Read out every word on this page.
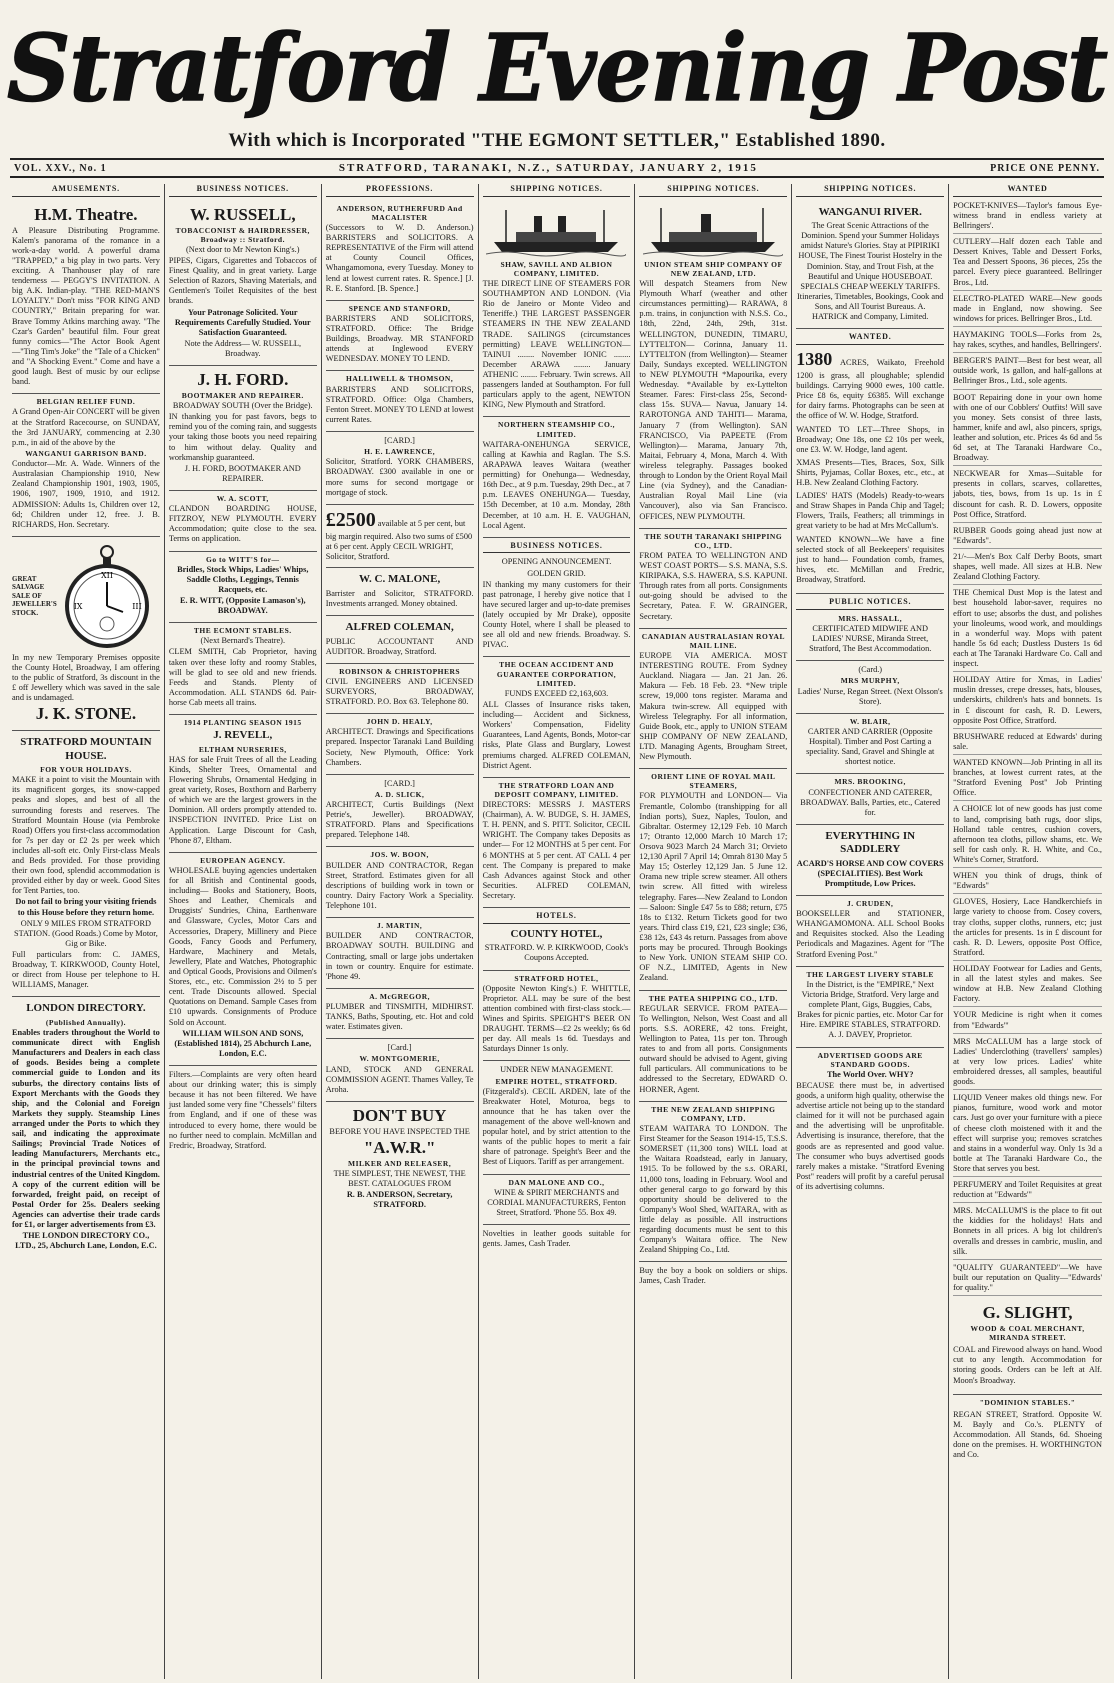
Stratford Evening Post
With which is Incorporated "THE EGMONT SETTLER," Established 1890.
VOL. XXV., No. 1	STRATFORD, TARANAKI, N.Z., SATURDAY, JANUARY 2, 1915	PRICE ONE PENNY.
AMUSEMENTS.
H.M. Theatre.

A Pleasure Distributing Programme. Kalem's panorama of the romance in a work-a-day world. A powerful drama "TRAPPED," a big play in two parts. Very exciting. A Thanhouser play of rare tenderness — PEGGY'S INVITATION. A big A.K. Indian-play. "THE RED-MAN'S LOYALTY." Don't miss "FOR KING AND COUNTRY," Britain preparing for war. Brave Tommy Atkins marching away. "The Czar's Garden" beautiful film. Four great funny comics—"The Actor Book Agent—"Ting Tim's Joke" the "Tale of a Chicken" and "A Shocking Event." Come and have a good laugh. Best of music by our eclipse band.

BELGIAN RELIEF FUND.

A Grand Open-Air CONCERT will be given at the Stratford Racecourse, on SUNDAY, the 3rd JANUARY, commencing at 2.30 p.m., in aid of the above by the

WANGANUI GARRISON BAND.

Conductor—Mr. A. Wade. Winners of the Australasian Championship 1910, New Zealand Championship 1901, 1903, 1905, 1906, 1907, 1909, 1910, and 1912. ADMISSION: Adults 1s, Children over 12, 6d; Children under 12, free. J. B. RICHARDS, Hon. Secretary.

GREAT
SALVAGE
SALE OF
JEWELLER'S
STOCK.
XII
III
IX

In my new Temporary Premises opposite the County Hotel, Broadway, I am offering to the public of Stratford, 3s discount in the £ off Jewellery which was saved in the sale and is undamaged.

J. K. STONE.
STRATFORD MOUNTAIN HOUSE.
FOR YOUR HOLIDAYS.

MAKE it a point to visit the Mountain with its magnificent gorges, its snow-capped peaks and slopes, and best of all the surrounding forests and reserves. The Stratford Mountain House (via Pembroke Road) Offers you first-class accommodation for 7s per day or £2 2s per week which includes all-soft etc. Only First-class Meals and Beds provided. For those providing their own food, splendid accommodation is provided either by day or week. Good Sites for Tent Parties, too.

Do not fail to bring your visiting friends to this House before they return home.

ONLY 9 MILES FROM STRATFORD STATION. (Good Roads.) Come by Motor, Gig or Bike.

Full particulars from: C. JAMES, Broadway, T. KIRKWOOD, County Hotel, or direct from House per telephone to H. WILLIAMS, Manager.

LONDON DIRECTORY.
(Published Annually).

Enables traders throughout the World to communicate direct with English Manufacturers and Dealers in each class of goods. Besides being a complete commercial guide to London and its suburbs, the directory contains lists of Export Merchants with the Goods they ship, and the Colonial and Foreign Markets they supply. Steamship Lines arranged under the Ports to which they sail, and indicating the approximate Sailings; Provincial Trade Notices of leading Manufacturers, Merchants etc., in the principal provincial towns and industrial centres of the United Kingdom. A copy of the current edition will be forwarded, freight paid, on receipt of Postal Order for 25s. Dealers seeking Agencies can advertise their trade cards for £1, or larger advertisements from £3.

THE LONDON DIRECTORY CO., LTD., 25, Abchurch Lane, London, E.C.

BUSINESS NOTICES.
W. RUSSELL,
TOBACCONIST & HAIRDRESSER,
Broadway :: Stratford.

(Next door to Mr Newton King's.)

PIPES, Cigars, Cigarettes and Tobaccos of Finest Quality, and in great variety. Large Selection of Razors, Shaving Materials, and Gentlemen's Toilet Requisites of the best brands.

Your Patronage Solicited. Your Requirements Carefully Studied. Your Satisfaction Guaranteed.

Note the Address— W. RUSSELL, Broadway.

J. H. FORD.
BOOTMAKER AND REPAIRER.

BROADWAY SOUTH (Over the Bridge).

IN thanking you for past favors, begs to remind you of the coming rain, and suggests your taking those boots you need repairing to him without delay. Quality and workmanship guaranteed.

J. H. FORD, BOOTMAKER AND REPAIRER.

W. A. SCOTT,

CLANDON BOARDING HOUSE, FITZROY, NEW PLYMOUTH. EVERY Accommodation; quite close to the sea. Terms on application.

Go to WITT'S for—

Bridles, Stock Whips, Ladies' Whips, Saddle Cloths, Leggings, Tennis Racquets, etc.

E. R. WITT, (Opposite Lamason's), BROADWAY.

THE ECMONT STABLES.

(Next Bernard's Theatre).

CLEM SMITH, Cab Proprietor, having taken over these lofty and roomy Stables, will be glad to see old and new friends. Feeds and Stands. Plenty of Accommodation. ALL STANDS 6d. Pair-horse Cab meets all trains.

1914 PLANTING SEASON 1915
J. REVELL,
ELTHAM NURSERIES,

HAS for sale Fruit Trees of all the Leading Kinds, Shelter Trees, Ornamental and Flowering Shrubs, Ornamental Hedging in great variety, Roses, Boxthorn and Barberry of which we are the largest growers in the Dominion. All orders promptly attended to. INSPECTION INVITED. Price List on Application. Large Discount for Cash, 'Phone 87, Eltham.

EUROPEAN AGENCY.

WHOLESALE buying agencies undertaken for all British and Continental goods, including— Books and Stationery, Boots, Shoes and Leather, Chemicals and Druggists' Sundries, China, Earthenware and Glassware, Cycles, Motor Cars and Accessories, Drapery, Millinery and Piece Goods, Fancy Goods and Perfumery, Hardware, Machinery and Metals, Jewellery, Plate and Watches, Photographic and Optical Goods, Provisions and Oilmen's Stores, etc., etc. Commission 2½ to 5 per cent. Trade Discounts allowed. Special Quotations on Demand. Sample Cases from £10 upwards. Consignments of Produce Sold on Account.

WILLIAM WILSON AND SONS, (Established 1814), 25 Abchurch Lane, London, E.C.

Filters.—Complaints are very often heard about our drinking water; this is simply because it has not been filtered. We have just landed some very fine "Chessels" filters from England, and if one of these was introduced to every home, there would be no further need to complain. McMillan and Fredric, Broadway, Stratford.

PROFESSIONS.
ANDERSON, RUTHERFURD And MACALISTER

(Successors to W. D. Anderson.) BARRISTERS and SOLICITORS. A REPRESENTATIVE of the Firm will attend at County Council Offices, Whangamomona, every Tuesday. Money to lend at lowest current rates. R. Spence.] [J. R. E. Stanford. [B. Spence.]

SPENCE AND STANFORD,

BARRISTERS AND SOLICITORS, STRATFORD. Office: The Bridge Buildings, Broadway. MR STANFORD attends at Inglewood EVERY WEDNESDAY. MONEY TO LEND.

HALLIWELL & THOMSON,

BARRISTERS AND SOLICITORS, STRATFORD. Office: Olga Chambers, Fenton Street. MONEY TO LEND at lowest current Rates.

[CARD.]

H. E. LAWRENCE,

Solicitor, Stratford. YORK CHAMBERS, BROADWAY. £300 available in one or more sums for second mortgage or mortgage of stock.

£2500 available at 5 per cent, but big margin required. Also two sums of £500 at 6 per cent. Apply CECIL WRIGHT, Solicitor, Stratford.
W. C. MALONE,

Barrister and Solicitor, STRATFORD. Investments arranged. Money obtained.

ALFRED COLEMAN,

PUBLIC ACCOUNTANT AND AUDITOR. Broadway, Stratford.

ROBINSON & CHRISTOPHERS

CIVIL ENGINEERS AND LICENSED SURVEYORS, BROADWAY, STRATFORD. P.O. Box 63. Telephone 80.

JOHN D. HEALY,

ARCHITECT. Drawings and Specifications prepared. Inspector Taranaki Land Building Society, New Plymouth, Office: York Chambers.

[CARD.]

A. D. SLICK,

ARCHITECT, Curtis Buildings (Next Petrie's, Jeweller). BROADWAY, STRATFORD. Plans and Specifications prepared. Telephone 148.

JOS. W. BOON,

BUILDER AND CONTRACTOR, Regan Street, Stratford. Estimates given for all descriptions of building work in town or country. Dairy Factory Work a Speciality. Telephone 101.

J. MARTIN,

BUILDER AND CONTRACTOR, BROADWAY SOUTH. BUILDING and Contracting, small or large jobs undertaken in town or country. Enquire for estimate. 'Phone 49.

A. McGREGOR,

PLUMBER and TINSMITH, MIDHIRST. TANKS, Baths, Spouting, etc. Hot and cold water. Estimates given.

[Card.]

W. MONTGOMERIE,

LAND, STOCK AND GENERAL COMMISSION AGENT. Thames Valley, Te Aroha.

DON'T BUY

BEFORE YOU HAVE INSPECTED THE

"A.W.R."
MILKER AND RELEASER,

THE SIMPLEST, THE NEWEST, THE BEST. CATALOGUES FROM

R. B. ANDERSON, Secretary, STRATFORD.

SHIPPING NOTICES.
SHAW, SAVILL AND ALBION COMPANY, LIMITED.

THE DIRECT LINE OF STEAMERS FOR SOUTHAMPTON AND LONDON. (Via Rio de Janeiro or Monte Video and Teneriffe.) THE LARGEST PASSENGER STEAMERS IN THE NEW ZEALAND TRADE. SAILINGS (circumstances permitting) LEAVE WELLINGTON— TAINUI ........ November IONIC ........ December ARAWA ........ January ATHENIC ........ February. Twin screws. All passengers landed at Southampton. For full particulars apply to the agent, NEWTON KING, New Plymouth and Stratford.

NORTHERN STEAMSHIP CO., LIMITED.

WAITARA-ONEHUNGA SERVICE, calling at Kawhia and Raglan. The S.S. ARAPAWA leaves Waitara (weather permitting) for Onehunga— Wednesday, 16th Dec., at 9 p.m. Tuesday, 29th Dec., at 7 p.m. LEAVES ONEHUNGA— Tuesday, 15th December, at 10 a.m. Monday, 28th December, at 10 a.m. H. E. VAUGHAN, Local Agent.

BUSINESS NOTICES.

OPENING ANNOUNCEMENT.

GOLDEN GRID.

IN thanking my many customers for their past patronage, I hereby give notice that I have secured larger and up-to-date premises (lately occupied by Mr Drake), opposite County Hotel, where I shall be pleased to see all old and new friends. Broadway. S. PIVAC.

THE OCEAN ACCIDENT AND GUARANTEE CORPORATION, LIMITED.

FUNDS EXCEED £2,163,603.

ALL Classes of Insurance risks taken, including— Accident and Sickness, Workers' Compensation, Fidelity Guarantees, Land Agents, Bonds, Motor-car risks, Plate Glass and Burglary, Lowest premiums charged. ALFRED COLEMAN, District Agent.

THE STRATFORD LOAN AND DEPOSIT COMPANY, LIMITED.

DIRECTORS: MESSRS J. MASTERS (Chairman), A. W. BUDGE, S. H. JAMES, T. H. PENN, and S. PITT. Solicitor, CECIL WRIGHT. The Company takes Deposits as under— For 12 MONTHS at 5 per cent. For 6 MONTHS at 5 per cent. AT CALL 4 per cent. The Company is prepared to make Cash Advances against Stock and other Securities. ALFRED COLEMAN, Secretary.

HOTELS.
COUNTY HOTEL,

STRATFORD. W. P. KIRKWOOD, Cook's Coupons Accepted.

STRATFORD HOTEL,

(Opposite Newton King's.) F. WHITTLE, Proprietor. ALL may be sure of the best attention combined with first-class stock.—Wines and Spirits. SPEIGHT'S BEER ON DRAUGHT. TERMS—£2 2s weekly; 6s 6d per day. All meals 1s 6d. Tuesdays and Saturdays Dinner 1s only.

UNDER NEW MANAGEMENT.

EMPIRE HOTEL, STRATFORD.

(Fitzgerald's). CECIL ARDEN, late of the Breakwater Hotel, Moturoa, begs to announce that he has taken over the management of the above well-known and popular hotel, and by strict attention to the wants of the public hopes to merit a fair share of patronage. Speight's Beer and the Best of Liquors. Tariff as per arrangement.

DAN MALONE AND CO.,

WINE & SPIRIT MERCHANTS and CORDIAL MANUFACTURERS, Fenton Street, Stratford. 'Phone 55. Box 49.

Novelties in leather goods suitable for gents. James, Cash Trader.

SHIPPING NOTICES.
UNION STEAM SHIP COMPANY OF NEW ZEALAND, LTD.

Will despatch Steamers from New Plymouth Wharf (weather and other circumstances permitting)— RARAWA, 8 p.m. trains, in conjunction with N.S.S. Co., 18th, 22nd, 24th, 29th, 31st. WELLINGTON, DUNEDIN, TIMARU, LYTTELTON— Corinna, January 11. LYTTELTON (from Wellington)— Steamer Daily, Sundays excepted. WELLINGTON to NEW PLYMOUTH *Mapourika, every Wednesday. *Available by ex-Lyttelton Steamer. Fares: First-class 25s, Second-class 15s. SUVA— Navua, January 14. RAROTONGA AND TAHITI— Marama, January 7 (from Wellington). SAN FRANCISCO, Via PAPEETE (From Wellington)— Marama, January 7th, Maitai, February 4, Mona, March 4. With wireless telegraphy. Passages booked through to London by the Orient Royal Mail Line (via Sydney), and the Canadian-Australian Royal Mail Line (via Vancouver), also via San Francisco. OFFICES, NEW PLYMOUTH.

THE SOUTH TARANAKI SHIPPING CO., LTD.

FROM PATEA TO WELLINGTON AND WEST COAST PORTS— S.S. MANA, S.S. KIRIPAKA, S.S. HAWERA, S.S. KAPUNI. Through rates from all ports. Consignments out-going should be advised to the Secretary, Patea. F. W. GRAINGER, Secretary.

CANADIAN AUSTRALASIAN ROYAL MAIL LINE.

EUROPE VIA AMERICA. MOST INTERESTING ROUTE. From Sydney Auckland. Niagara — Jan. 21 Jan. 26. Makura — Feb. 18 Feb. 23. *New triple screw, 19,000 tons register. Marama and Makura twin-screw. All equipped with Wireless Telegraphy. For all information, Guide Book, etc., apply to UNION STEAM SHIP COMPANY OF NEW ZEALAND, LTD. Managing Agents, Brougham Street, New Plymouth.

ORIENT LINE OF ROYAL MAIL STEAMERS,

FOR PLYMOUTH and LONDON— Via Fremantle, Colombo (transhipping for all Indian ports), Suez, Naples, Toulon, and Gibraltar. Ostermey 12,129 Feb. 10 March 17; Otranto 12,000 March 10 March 17; Orsova 9023 March 24 March 31; Orvieto 12,130 April 7 April 14; Omrah 8130 May 5 May 15; Osterley 12,129 Jan. 5 June 12. Orama new triple screw steamer. All others twin screw. All fitted with wireless telegraphy. Fares—New Zealand to London— Saloon: Single £47 5s to £88; return, £75 18s to £132. Return Tickets good for two years. Third class £19, £21, £23 single; £36, £38 12s, £43 4s return. Passages from above ports may be procured. Through Bookings to New York. UNION STEAM SHIP CO. OF N.Z., LIMITED, Agents in New Zealand.

THE PATEA SHIPPING CO., LTD.

REGULAR SERVICE. FROM PATEA— To Wellington, Nelson, West Coast and all ports. S.S. AORERE, 42 tons. Freight, Wellington to Patea, 11s per ton. Through rates to and from all ports. Consignments outward should be advised to Agent, giving full particulars. All communications to be addressed to the Secretary, EDWARD O. HORNER, Agent.

THE NEW ZEALAND SHIPPING COMPANY, LTD.

STEAM WAITARA TO LONDON. The First Steamer for the Season 1914-15, T.S.S. SOMERSET (11,300 tons) WILL load at the Waitara Roadstead, early in January, 1915. To be followed by the s.s. ORARI, 11,000 tons, loading in February. Wool and other general cargo to go forward by this opportunity should be delivered to the Company's Wool Shed, WAITARA, with as little delay as possible. All instructions regarding documents must be sent to this Company's Waitara office. The New Zealand Shipping Co., Ltd.

Buy the boy a book on soldiers or ships. James, Cash Trader.

SHIPPING NOTICES.
WANGANUI RIVER.

The Great Scenic Attractions of the Dominion. Spend your Summer Holidays amidst Nature's Glories. Stay at PIPIRIKI HOUSE, The Finest Tourist Hostelry in the Dominion. Stay, and Trout Fish, at the Beautiful and Unique HOUSEBOAT. SPECIALS CHEAP WEEKLY TARIFFS. Itineraries, Timetables, Bookings, Cook and Sons, and All Tourist Bureaus. A. HATRICK and Company, Limited.

WANTED.

1380 ACRES, Waikato, Freehold 1200 is grass, all ploughable; splendid buildings. Carrying 9000 ewes, 100 cattle. Price £8 6s, equity £6385. Will exchange for dairy farms. Photographs can be seen at the office of W. W. Hodge, Stratford.

WANTED TO LET—Three Shops, in Broadway; One 18s, one £2 10s per week, one £3. W. W. Hodge, land agent.

XMAS Presents—Ties, Braces, Sox, Silk Shirts, Pyjamas, Collar Boxes, etc., etc., at H.B. New Zealand Clothing Factory.

LADIES' HATS (Models) Ready-to-wears and Straw Shapes in Panda Chip and Tagel; Flowers, Trails, Feathers; all trimmings in great variety to be had at Mrs McCallum's.

WANTED KNOWN—We have a fine selected stock of all Beekeepers' requisites just to hand— Foundation comb, frames, hives, etc. McMillan and Fredric, Broadway, Stratford.

PUBLIC NOTICES.
MRS. HASSALL,

CERTIFICATED MIDWIFE AND LADIES' NURSE, Miranda Street, Stratford, The Best Accommodation.

(Card.)

MRS MURPHY,

Ladies' Nurse, Regan Street. (Next Olsson's Store).

W. BLAIR,

CARTER AND CARRIER (Opposite Hospital). Timber and Post Carting a speciality. Sand, Gravel and Shingle at shortest notice.

MRS. BROOKING,

CONFECTIONER AND CATERER, BROADWAY. Balls, Parties, etc., Catered for.

EVERYTHING IN SADDLERY

ACARD'S HORSE AND COW COVERS (SPECIALITIES). Best Work Promptitude, Low Prices.

J. CRUDEN,

BOOKSELLER and STATIONER, WHANGAMOMONA. ALL School Books and Requisites stocked. Also the Leading Periodicals and Magazines. Agent for "The Stratford Evening Post."

THE LARGEST LIVERY STABLE

In the District, is the "EMPIRE," Next Victoria Bridge, Stratford. Very large and complete Plant, Gigs, Buggies, Cabs, Brakes for picnic parties, etc. Motor Car for Hire. EMPIRE STABLES, STRATFORD. A. J. DAVEY, Proprietor.

ADVERTISED GOODS ARE STANDARD GOODS.

The World Over. WHY?

BECAUSE there must be, in advertised goods, a uniform high quality, otherwise the advertise article not being up to the standard claimed for it will not be purchased again and the advertising will be unprofitable. Advertising is insurance, therefore, that the goods are as represented and good value. The consumer who buys advertised goods rarely makes a mistake. "Stratford Evening Post" readers will profit by a careful perusal of its advertising columns.

WANTED

POCKET-KNIVES—Taylor's famous Eye-witness brand in endless variety at Bellringers'.

CUTLERY—Half dozen each Table and Dessert Knives, Table and Dessert Forks, Tea and Dessert Spoons, 36 pieces, 25s the parcel. Every piece guaranteed. Bellringer Bros., Ltd.

ELECTRO-PLATED WARE—New goods made in England, now showing. See windows for prices. Bellringer Bros., Ltd.

HAYMAKING TOOLS—Forks from 2s, hay rakes, scythes, and handles, Bellringers'.

BERGER'S PAINT—Best for best wear, all outside work, 1s gallon, and half-gallons at Bellringer Bros., Ltd., sole agents.

BOOT Repairing done in your own home with one of our Cobblers' Outfits! Will save you money. Sets consist of three lasts, hammer, knife and awl, also pincers, sprigs, leather and solution, etc. Prices 4s 6d and 5s 6d set, at The Taranaki Hardware Co., Broadway.

NECKWEAR for Xmas—Suitable for presents in collars, scarves, collarettes, jabots, ties, bows, from 1s up. 1s in £ discount for cash. R. D. Lowers, opposite Post Office, Stratford.

RUBBER Goods going ahead just now at "Edwards".

21/-—Men's Box Calf Derby Boots, smart shapes, well made. All sizes at H.B. New Zealand Clothing Factory.

THE Chemical Dust Mop is the latest and best household labor-saver, requires no effort to use; absorbs the dust, and polishes your linoleums, wood work, and mouldings in a wonderful way. Mops with patent handle 5s 6d each; Dustless Dusters 1s 6d each at The Taranaki Hardware Co. Call and inspect.

HOLIDAY Attire for Xmas, in Ladies' muslin dresses, crepe dresses, hats, blouses, underskirts, children's hats and bonnets. 1s in £ discount for cash, R. D. Lewers, opposite Post Office, Stratford.

BRUSHWARE reduced at Edwards' during sale.

WANTED KNOWN—Job Printing in all its branches, at lowest current rates, at the "Stratford Evening Post" Job Printing Office.

A CHOICE lot of new goods has just come to land, comprising bath rugs, door slips, Holland table centres, cushion covers, afternoon tea cloths, pillow shams, etc. We sell for cash only. R. H. White, and Co., White's Corner, Stratford.

WHEN you think of drugs, think of "Edwards"

GLOVES, Hosiery, Lace Handkerchiefs in large variety to choose from. Cosey covers, tray cloths, supper cloths, runners, etc; just the articles for presents. 1s in £ discount for cash. R. D. Lewers, opposite Post Office, Stratford.

HOLIDAY Footwear for Ladies and Gents, in all the latest styles and makes. See window at H.B. New Zealand Clothing Factory.

YOUR Medicine is right when it comes from "Edwards'"

MRS McCALLUM has a large stock of Ladies' Underclothing (travellers' samples) at very low prices. Ladies' white embroidered dresses, all samples, beautiful goods.

LIQUID Veneer makes old things new. For pianos, furniture, wood work and motor cars. Just go over your furniture with a piece of cheese cloth moistened with it and the effect will surprise you; removes scratches and stains in a wonderful way. Only 1s 3d a bottle at The Taranaki Hardware Co., the Store that serves you best.

PERFUMERY and Toilet Requisites at great reduction at "Edwards'"

MRS. McCALLUM'S is the place to fit out the kiddies for the holidays! Hats and Bonnets in all prices. A big lot children's overalls and dresses in cambric, muslin, and silk.

"QUALITY GUARANTEED"—We have built our reputation on Quality—"Edwards' for quality."

G. SLIGHT,
WOOD & COAL MERCHANT, MIRANDA STREET.

COAL and Firewood always on hand. Wood cut to any length. Accommodation for storing goods. Orders can be left at Alf. Moon's Broadway.

"DOMINION STABLES."

REGAN STREET, Stratford. Opposite W. M. Bayly and Co.'s. PLENTY of Accommodation. All Stands, 6d. Shoeing done on the premises. H. WORTHINGTON and Co.
